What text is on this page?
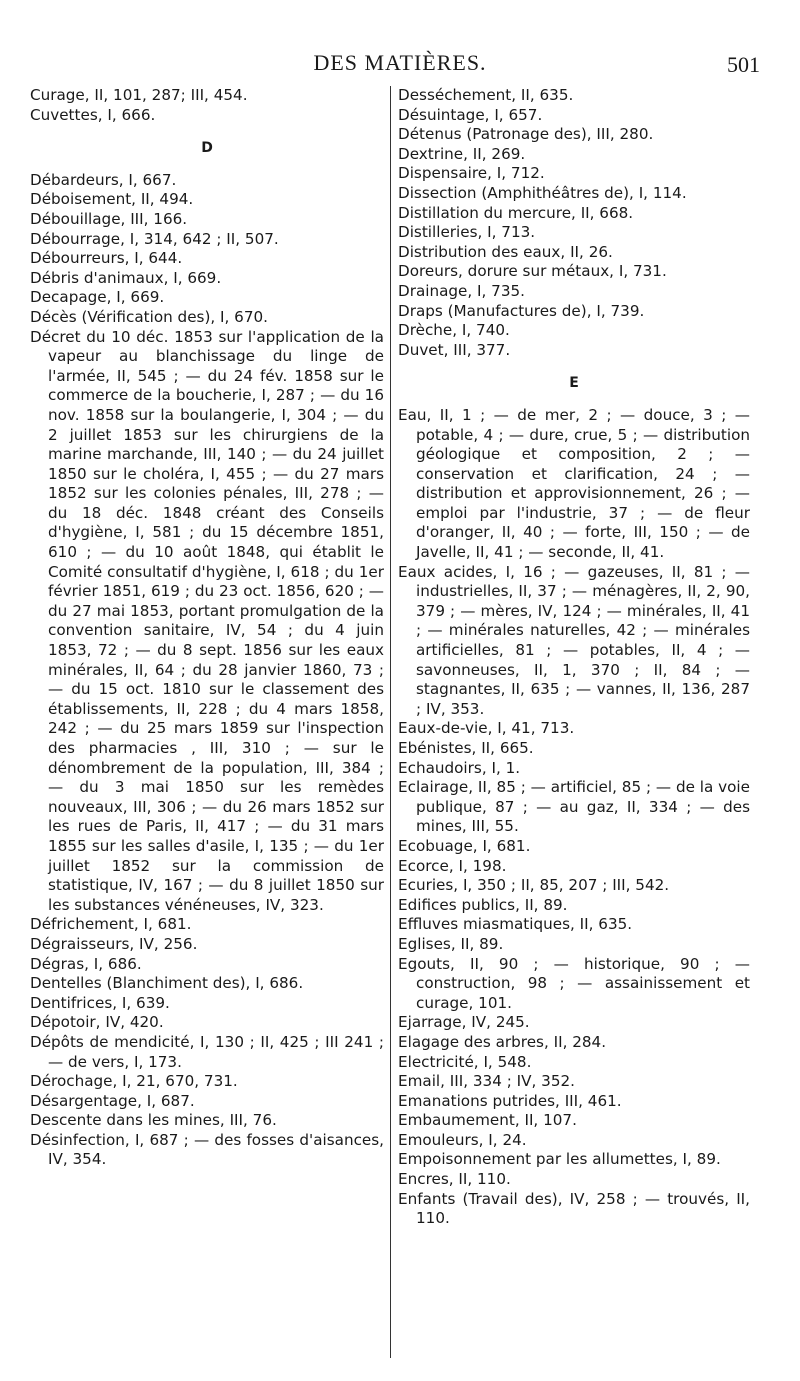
DES MATIÈRES.	501

Curage, II, 101, 287; III, 454.

Cuvettes, I, 666.

D

Débardeurs, I, 667.

Déboisement, II, 494.

Débouillage, III, 166.

Débourrage, I, 314, 642 ; II, 507.

Débourreurs, I, 644.

Débris d'animaux, I, 669.

Decapage, I, 669.

Décès (Vérification des), I, 670.

Décret du 10 déc. 1853 sur l'application de la vapeur au blanchissage du linge de l'armée, II, 545 ; — du 24 fév. 1858 sur le commerce de la boucherie, I, 287 ; — du 16 nov. 1858 sur la boulangerie, I, 304 ; — du 2 juillet 1853 sur les chirurgiens de la marine marchande, III, 140 ; — du 24 juillet 1850 sur le choléra, I, 455 ; — du 27 mars 1852 sur les colonies pénales, III, 278 ; — du 18 déc. 1848 créant des Conseils d'hygiène, I, 581 ; du 15 décembre 1851, 610 ; — du 10 août 1848, qui établit le Comité consultatif d'hygiène, I, 618 ; du 1er février 1851, 619 ; du 23 oct. 1856, 620 ; — du 27 mai 1853, portant promulgation de la convention sanitaire, IV, 54 ; du 4 juin 1853, 72 ; — du 8 sept. 1856 sur les eaux minérales, II, 64 ; du 28 janvier 1860, 73 ; — du 15 oct. 1810 sur le classement des établissements, II, 228 ; du 4 mars 1858, 242 ; — du 25 mars 1859 sur l'inspection des pharmacies , III, 310 ; — sur le dénombrement de la population, III, 384 ; — du 3 mai 1850 sur les remèdes nouveaux, III, 306 ; — du 26 mars 1852 sur les rues de Paris, II, 417 ; — du 31 mars 1855 sur les salles d'asile, I, 135 ; — du 1er juillet 1852 sur la commission de statistique, IV, 167 ; — du 8 juillet 1850 sur les substances vénéneuses, IV, 323.

Défrichement, I, 681.

Dégraisseurs, IV, 256.

Dégras, I, 686.

Dentelles (Blanchiment des), I, 686.

Dentifrices, I, 639.

Dépotoir, IV, 420.

Dépôts de mendicité, I, 130 ; II, 425 ; III 241 ; — de vers, I, 173.

Dérochage, I, 21, 670, 731.

Désargentage, I, 687.

Descente dans les mines, III, 76.

Désinfection, I, 687 ; — des fosses d'aisances, IV, 354.

Desséchement, II, 635.

Désuintage, I, 657.

Détenus (Patronage des), III, 280.

Dextrine, II, 269.

Dispensaire, I, 712.

Dissection (Amphithéâtres de), I, 114.

Distillation du mercure, II, 668.

Distilleries, I, 713.

Distribution des eaux, II, 26.

Doreurs, dorure sur métaux, I, 731.

Drainage, I, 735.

Draps (Manufactures de), I, 739.

Drèche, I, 740.

Duvet, III, 377.

E

Eau, II, 1 ; — de mer, 2 ; — douce, 3 ; — potable, 4 ; — dure, crue, 5 ; — distribution géologique et composition, 2 ; — conservation et clarification, 24 ; — distribution et approvisionnement, 26 ; — emploi par l'industrie, 37 ; — de fleur d'oranger, II, 40 ; — forte, III, 150 ; — de Javelle, II, 41 ; — seconde, II, 41.

Eaux acides, I, 16 ; — gazeuses, II, 81 ; — industrielles, II, 37 ; — ménagères, II, 2, 90, 379 ; — mères, IV, 124 ; — minérales, II, 41 ; — minérales naturelles, 42 ; — minérales artificielles, 81 ; — potables, II, 4 ; — savonneuses, II, 1, 370 ; II, 84 ; — stagnantes, II, 635 ; — vannes, II, 136, 287 ; IV, 353.

Eaux-de-vie, I, 41, 713.

Ebénistes, II, 665.

Echaudoirs, I, 1.

Eclairage, II, 85 ; — artificiel, 85 ; — de la voie publique, 87 ; — au gaz, II, 334 ; — des mines, III, 55.

Ecobuage, I, 681.

Ecorce, I, 198.

Ecuries, I, 350 ; II, 85, 207 ; III, 542.

Edifices publics, II, 89.

Effluves miasmatiques, II, 635.

Eglises, II, 89.

Egouts, II, 90 ; — historique, 90 ; — construction, 98 ; — assainissement et curage, 101.

Ejarrage, IV, 245.

Elagage des arbres, II, 284.

Electricité, I, 548.

Email, III, 334 ; IV, 352.

Emanations putrides, III, 461.

Embaumement, II, 107.

Emouleurs, I, 24.

Empoisonnement par les allumettes, I, 89.

Encres, II, 110.

Enfants (Travail des), IV, 258 ; — trouvés, II, 110.
